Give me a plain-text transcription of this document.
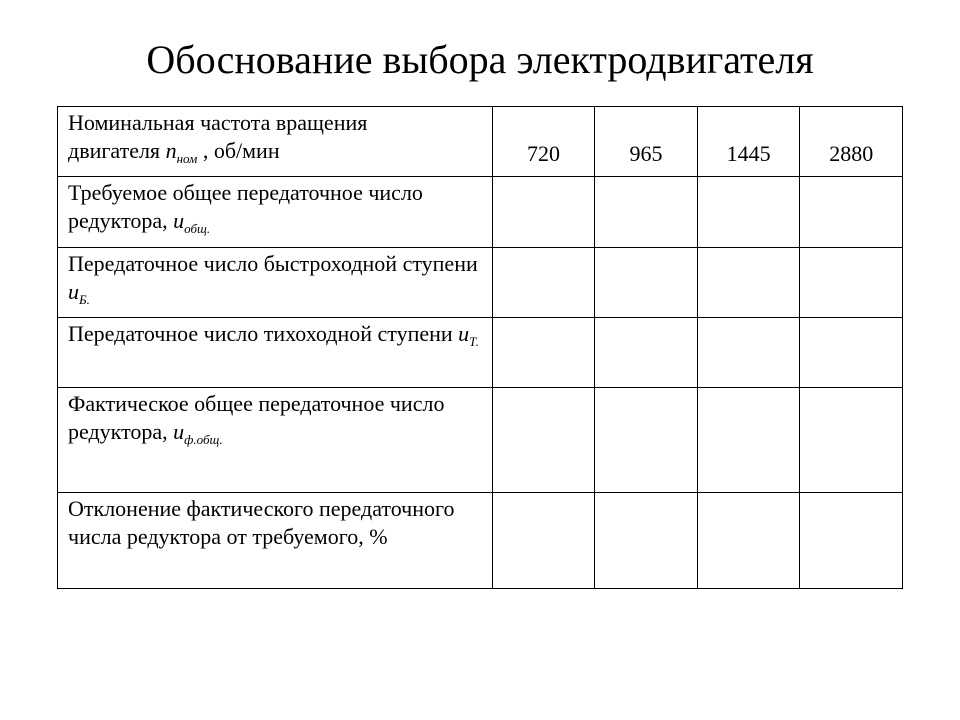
Обоснование выбора электродвигателя
Номинальная частота вращения
двигателя $n_{ном}$ , об/мин	720	965	1445	2880
Требуемое общее передаточное число редуктора, $u_{общ.}$				
Передаточное число быстроходной ступени $u_{Б.}$				
Передаточное число тихоходной ступени $u_{Т.}$				
Фактическое общее передаточное число редуктора, $u_{ф.общ.}$				
Отклонение фактического передаточного числа редуктора от требуемого, %				
